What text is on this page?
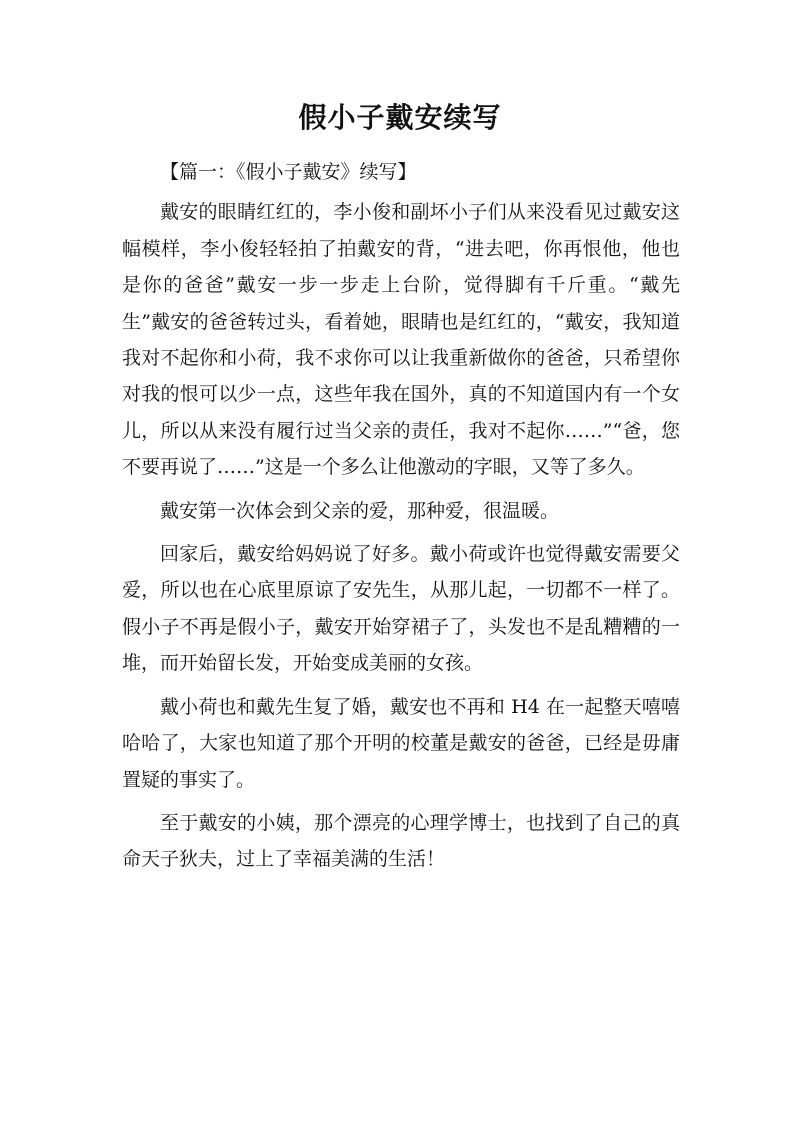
假小子戴安续写

【篇一：《假小子戴安》续写】

戴安的眼睛红红的，李小俊和副坏小子们从来没看见过戴安这幅模样，李小俊轻轻拍了拍戴安的背，“进去吧，你再恨他，他也是你的爸爸”戴安一步一步走上台阶，觉得脚有千斤重。“戴先生”戴安的爸爸转过头，看着她，眼睛也是红红的，“戴安，我知道我对不起你和小荷，我不求你可以让我重新做你的爸爸，只希望你对我的恨可以少一点，这些年我在国外，真的不知道国内有一个女儿，所以从来没有履行过当父亲的责任，我对不起你……”“爸，您不要再说了……”这是一个多么让他激动的字眼，又等了多久。

戴安第一次体会到父亲的爱，那种爱，很温暖。

回家后，戴安给妈妈说了好多。戴小荷或许也觉得戴安需要父爱，所以也在心底里原谅了安先生，从那儿起，一切都不一样了。假小子不再是假小子，戴安开始穿裙子了，头发也不是乱糟糟的一堆，而开始留长发，开始变成美丽的女孩。

戴小荷也和戴先生复了婚，戴安也不再和 H4 在一起整天嘻嘻哈哈了，大家也知道了那个开明的校董是戴安的爸爸，已经是毋庸置疑的事实了。

至于戴安的小姨，那个漂亮的心理学博士，也找到了自己的真命天子狄夫，过上了幸福美满的生活！
